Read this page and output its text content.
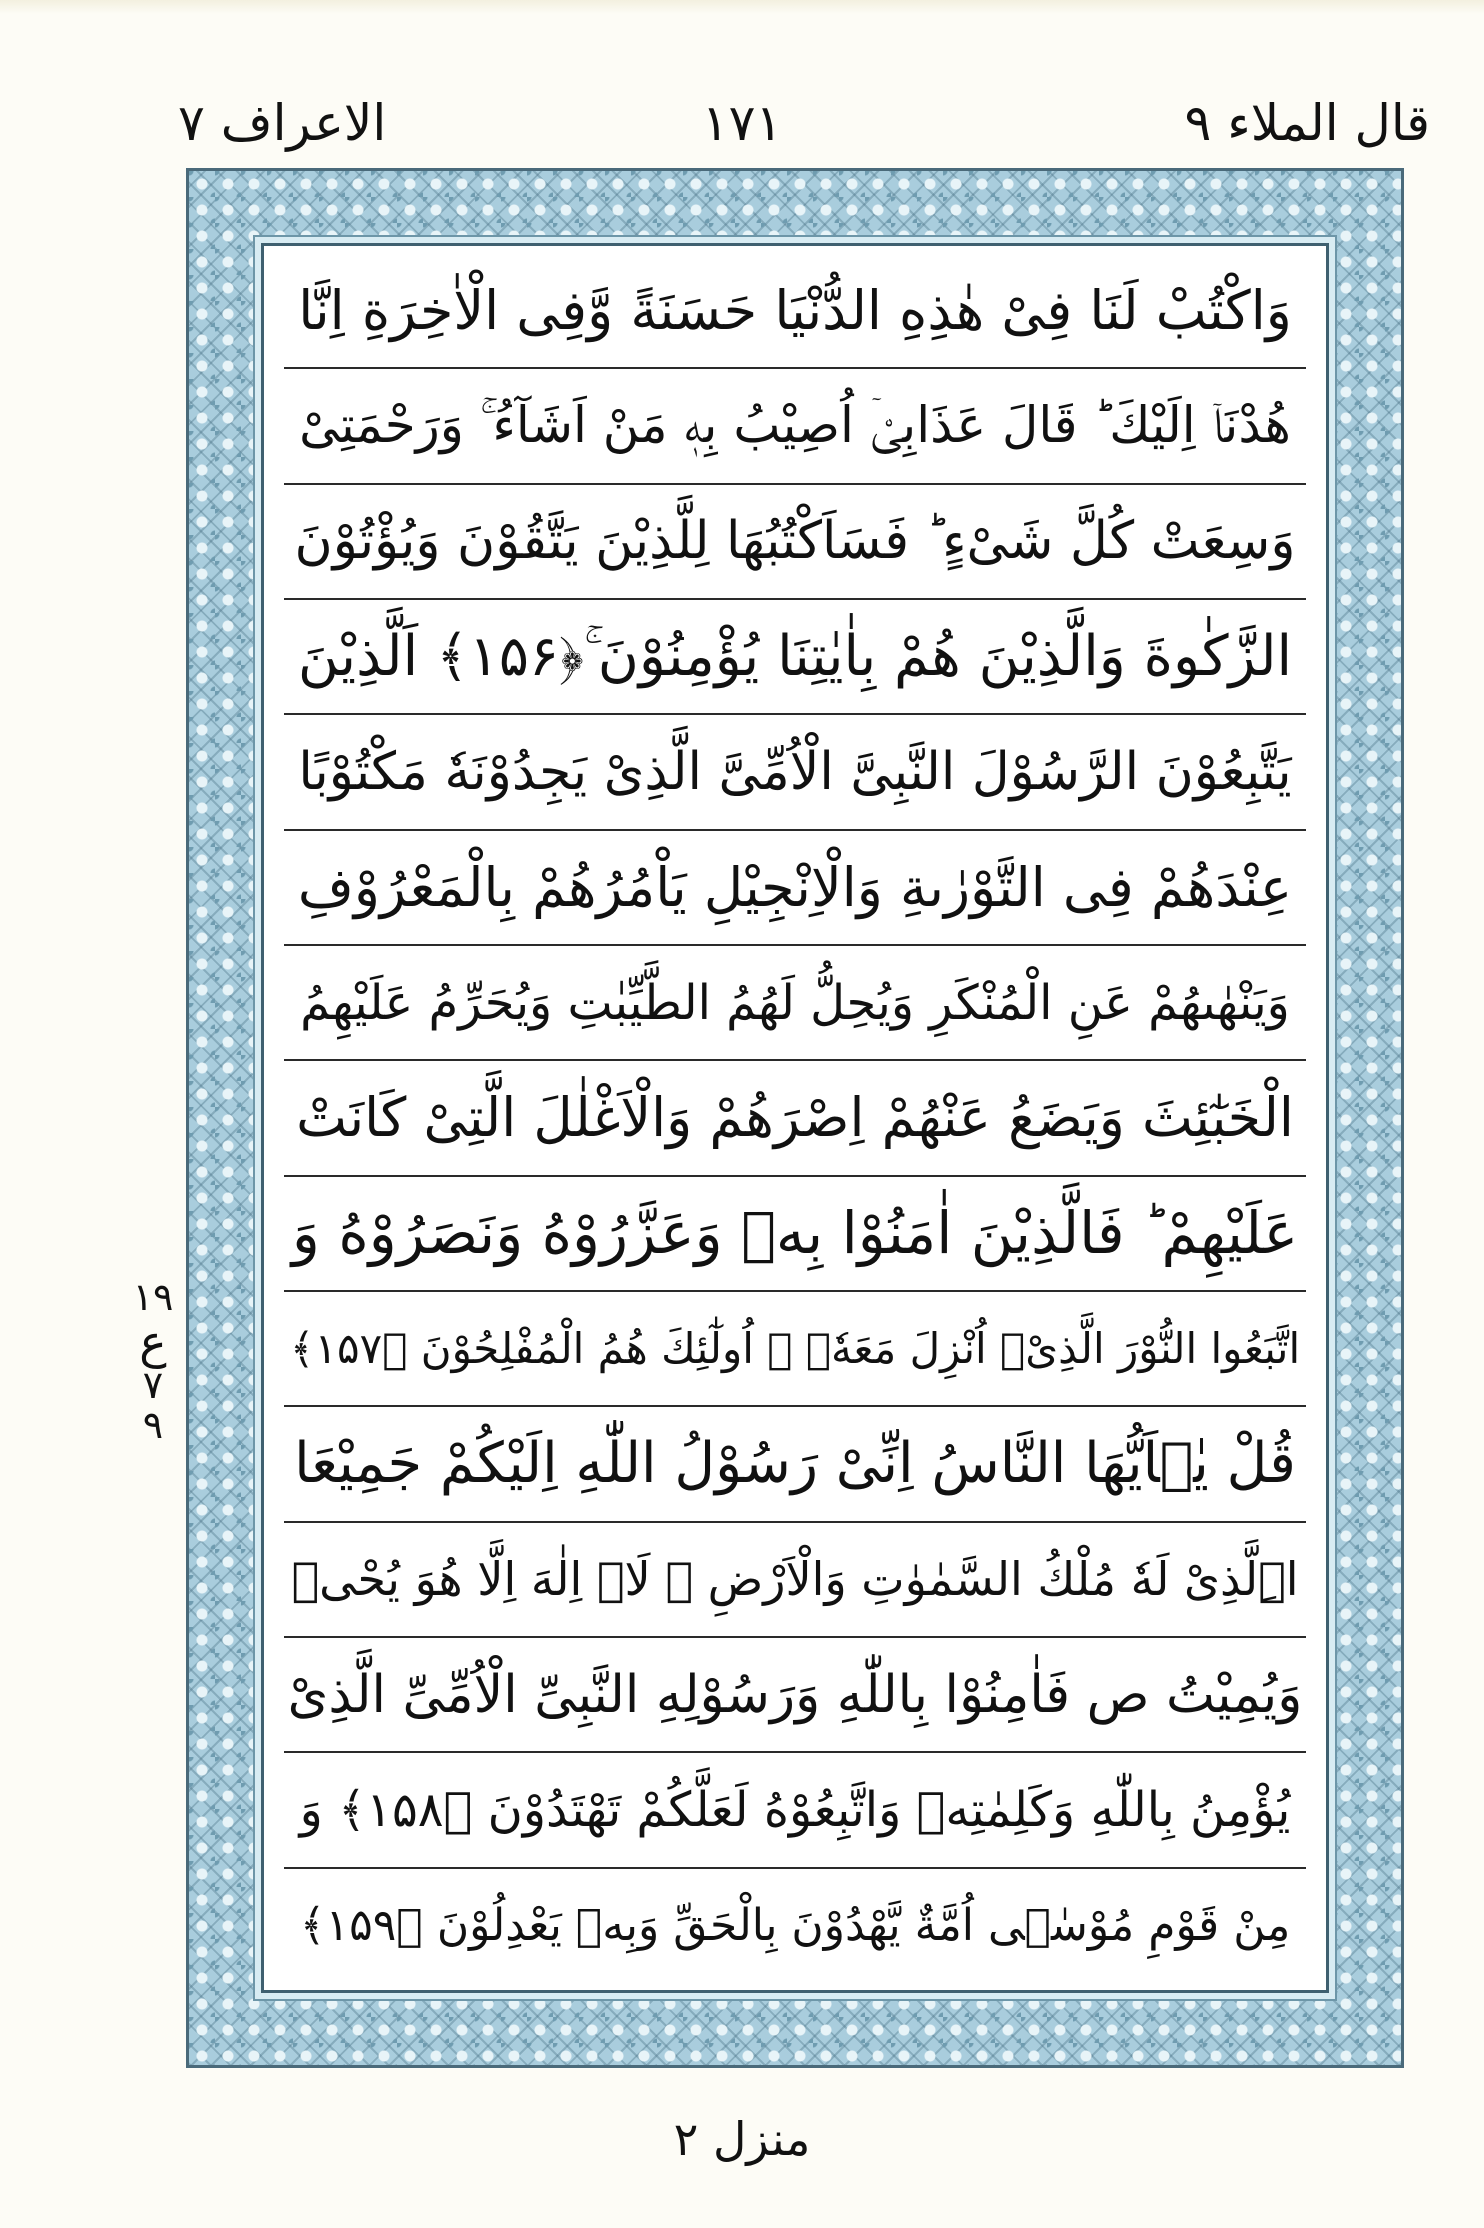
قال الملاء ۹
۱۷۱
الاعراف ۷
وَاكْتُبْ لَنَا فِىْ هٰذِهِ الدُّنْيَا حَسَنَةً وَّفِى الْاٰخِرَةِ اِنَّا
هُدْنَاۤ اِلَيْكَ ؕ قَالَ عَذَابِىْۤ اُصِيْبُ بِهٖ مَنْ اَشَآءُ ۚ وَرَحْمَتِىْ
وَسِعَتْ كُلَّ شَىْءٍ ؕ فَسَاَكْتُبُهَا لِلَّذِيْنَ يَتَّقُوْنَ وَيُؤْتُوْنَ
الزَّكٰوةَ وَالَّذِيْنَ هُمْ بِاٰيٰتِنَا يُؤْمِنُوْنَ ۚ﴿۱۵۶﴾ اَلَّذِيْنَ
يَتَّبِعُوْنَ الرَّسُوْلَ النَّبِىَّ الْاُمِّىَّ الَّذِىْ يَجِدُوْنَهٗ مَكْتُوْبًا
عِنْدَهُمْ فِى التَّوْرٰىةِ وَالْاِنْجِيْلِ يَاْمُرُهُمْ بِالْمَعْرُوْفِ
وَيَنْهٰىهُمْ عَنِ الْمُنْكَرِ وَيُحِلُّ لَهُمُ الطَّيِّبٰتِ وَيُحَرِّمُ عَلَيْهِمُ
الْخَبٰٓئِثَ وَيَضَعُ عَنْهُمْ اِصْرَهُمْ وَالْاَغْلٰلَ الَّتِىْ كَانَتْ
عَلَيْهِمْ ؕ فَالَّذِيْنَ اٰمَنُوْا بِهٖ وَعَزَّرُوْهُ وَنَصَرُوْهُ وَ
اتَّبَعُوا النُّوْرَ الَّذِىْۤ اُنْزِلَ مَعَهٗۤ ۙ اُولٰٓئِكَ هُمُ الْمُفْلِحُوْنَ ﴿۱۵۷﴾
قُلْ يٰۤاَيُّهَا النَّاسُ اِنِّىْ رَسُوْلُ اللّٰهِ اِلَيْكُمْ جَمِيْعَا
اِۨلَّذِىْ لَهٗ مُلْكُ السَّمٰوٰتِ وَالْاَرْضِ ۚ لَاۤ اِلٰهَ اِلَّا هُوَ يُحْىٖ
وَيُمِيْتُ ص فَاٰمِنُوْا بِاللّٰهِ وَرَسُوْلِهِ النَّبِىِّ الْاُمِّىِّ الَّذِىْ
يُؤْمِنُ بِاللّٰهِ وَكَلِمٰتِهٖ وَاتَّبِعُوْهُ لَعَلَّكُمْ تَهْتَدُوْنَ ﴿۱۵۸﴾ وَ
مِنْ قَوْمِ مُوْسٰۤى اُمَّةٌ يَّهْدُوْنَ بِالْحَقِّ وَبِهٖ يَعْدِلُوْنَ ﴿۱۵۹﴾
۱۹
ع
۷
۹
منزل ۲
